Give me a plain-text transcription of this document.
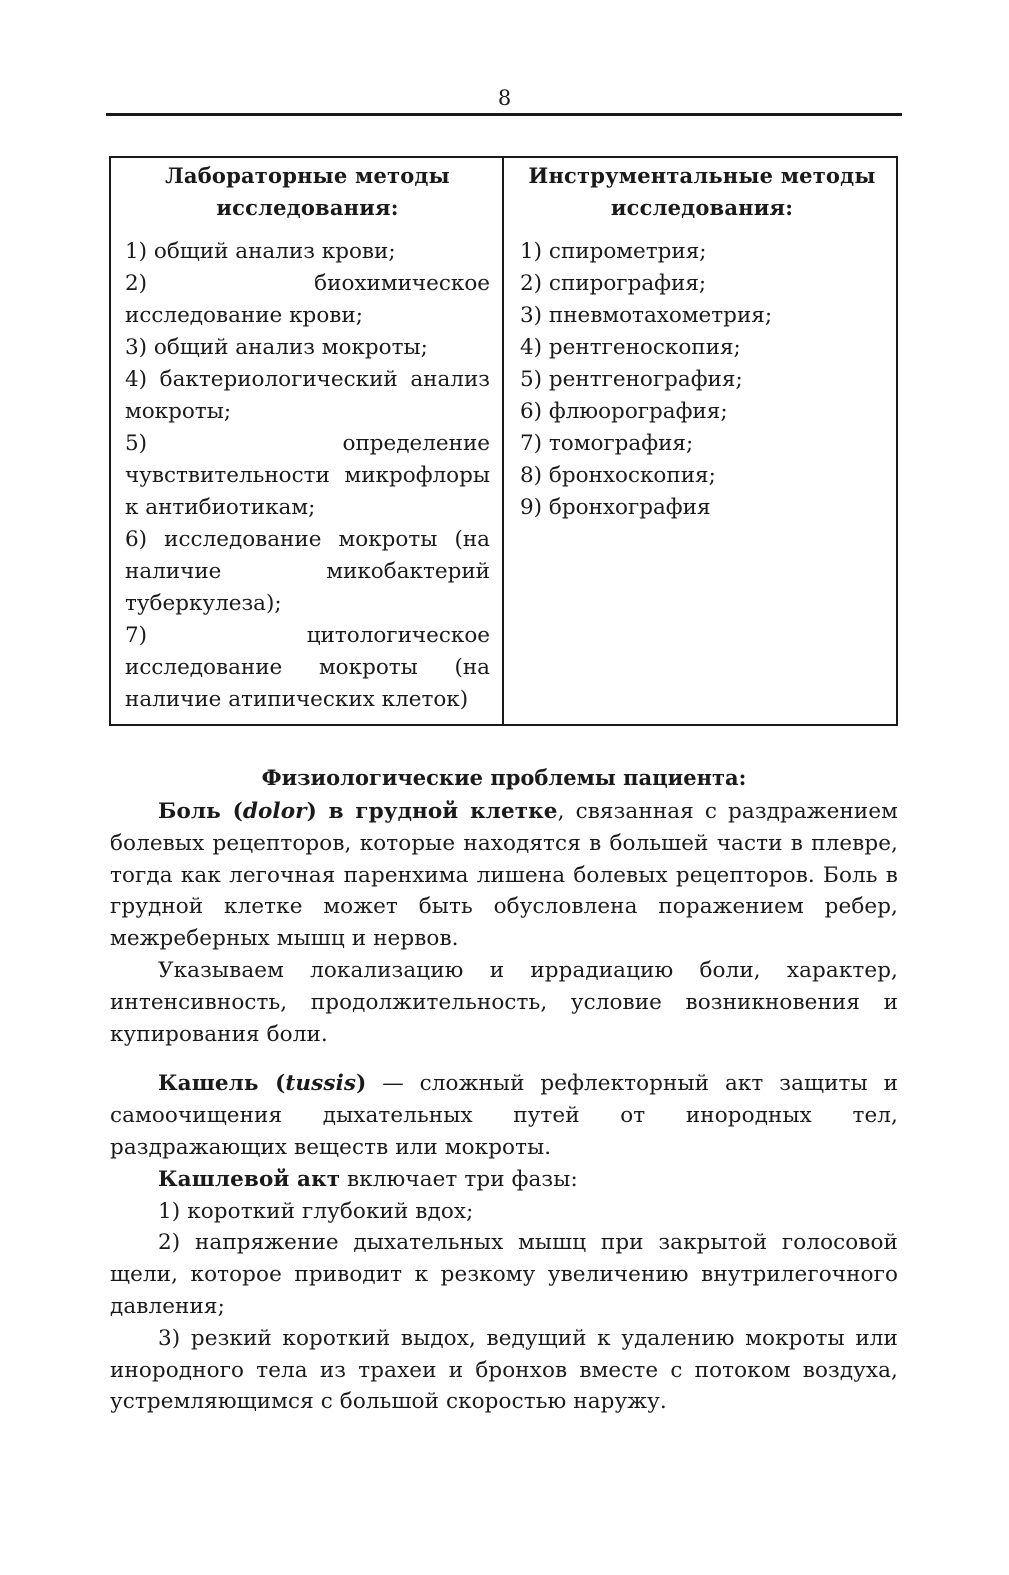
8
Лабораторные методы исследования:
1) общий анализ крови;
2) биохимическое исследование крови;
3) общий анализ мокроты;
4) бактериологический анализ мокроты;
5) определение чувствительности микрофлоры к антибиотикам;
6) исследование мокроты (на наличие микобактерий туберкулеза);
7) цитологическое исследование мокроты (на наличие атипических клеток)
Инструментальные методы исследования:
1) спирометрия;
2) спирография;
3) пневмотахометрия;
4) рентгеноскопия;
5) рентгенография;
6) флюорография;
7) томография;
8) бронхоскопия;
9) бронхография
Физиологические проблемы пациента:

Боль (dolor) в грудной клетке, связанная с раздражением болевых рецепторов, которые находятся в большей части в плевре, тогда как легочная паренхима лишена болевых рецепторов. Боль в грудной клетке может быть обусловлена поражением ребер, межреберных мышц и нервов.

Указываем локализацию и иррадиацию боли, характер, интенсивность, продолжительность, условие возникновения и купирования боли.

Кашель (tussis) — сложный рефлекторный акт защиты и самоочищения дыхательных путей от инородных тел, раздражающих веществ или мокроты.

Кашлевой акт включает три фазы:

1) короткий глубокий вдох;

2) напряжение дыхательных мышц при закрытой голосовой щели, которое приводит к резкому увеличению внутрилегочного давления;

3) резкий короткий выдох, ведущий к удалению мокроты или инородного тела из трахеи и бронхов вместе с потоком воздуха, устремляющимся с большой скоростью наружу.
